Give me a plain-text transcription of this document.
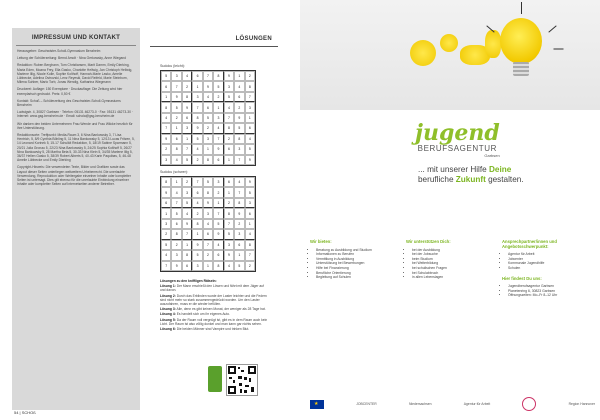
IMPRESSUM UND KONTAKT

Herausgeber: Geschwister-Scholl-Gymnasium Benzheim

Leitung der Schülerzeitung: Bernd Amolt · Nina Gerkowsky, Anne Wiegand

Redaktion: Ruben Berghann, Tom Christiansen, Marit Damm, Emily Dierking, Maria Eden, Moana Frey, Ella Gasko, Charlotte Hellwig, Jan Christoph Hellwig, Marlene Illig, Nicole Kolle, Sophie Kolthoff, Hannah-Marie Lasko, Amelie Lübbecke, Adelina Ostrovski, Lenz Reyeski, David Reifeld, Marie Steinborn, Milena Suhber, Marlo Torb, Jonas Wendig, Katharina Wiegmann

Druckerei: Auflage: 150 Exemplare · Druckauflage: Die Zeitung wird hier exemplarisch gedruckt. Preis: 0,50 €

Kontakt: Schoß – Schülerzeitung des Geschwister-Scholl-Gymnasiums Benzheim

Ludwigstr. 4, 30827 Garbsen · Telefon: 05131 46273-0 · Fax: 05131 46273-30 · Internet: www.gsg-benzheim.de · Email: schola@gsg-benzheim.de

Wir danken den beiden Unternehmen Frau Wende und Frau Wilcke herzlich für ihre Unterstützung.

Redaktionsorte: Treffpunkt: Media-Raum 3, 6 Nina Bankowsky 3, 7 Lisa Hentrich, 5, 8/9 Cynthia Böhling 5, 11 Nina Bankowsky 5, 12/13 Lucas Fritzen, 5, 14 Leonard Korinek 5, 15-17 Schulklt Redaktion, 5, 18/19 Sabine Sparmann 5, 20/21 Julia Gronau 5, 22/23 Nina Bankowsky 5, 24/25 Sophia Kolthoff 5, 26/27 Nina Bankowsky 5, 28 Martha Beta 5, 30-33 Nina Klein 5, 34/35 Marlene Illig 5, 36/37 Hellen Gasko 5, 38/39 Robert Alberts 5, 40-43 Karin Paquibas, 5, 46-48 Amelie Lübbecke und Emily Dierking

Copyright-Hinweis: Die verwendeten Texte, Bilder und Grafiken sowie das Layout dieser Seiten unterliegen weltweitem Urheberrecht. Die unerlaubte Verwendung, Reproduktion oder Weitergabe einzelner Inhalte oder kompletter Seiten ist untersagt. Dies gilt ebenso für die unerlaubte Einbindung einzelner Inhalte oder kompletter Seiten auf Internetseiten anderer Betreiber.

54 | SCHOß
LÖSUNGEN
Sudoku (leicht):
5	3	4	6	7	8	9	1	2
6	7	2	1	9	5	3	4	8
1	9	8	3	4	2	5	6	7
8	5	9	7	6	1	4	2	3
4	2	6	8	5	3	7	9	1
7	1	3	9	2	4	8	5	6
9	6	1	5	3	7	2	8	4
2	8	7	4	1	9	6	3	5
3	4	5	2	8	6	1	7	9
Sudoku (schwer):
8	1	2	7	5	3	6	4	9
9	4	3	6	8	2	1	7	5
6	7	5	4	9	1	2	8	3
1	5	4	2	3	7	8	9	6
3	6	9	8	4	5	7	2	1
2	8	7	1	6	9	5	3	4
5	2	1	9	7	4	3	6	8
4	3	8	5	2	6	9	1	7
7	9	6	3	1	8	4	5	2

Lösungen zu den kniffligen Rätseln:

Lösung 1: Der Mann erschießt den Löwen und fährt mit dem Jäger auf und davon.

Lösung 2: Durch das Erblinden wurde der Laster leichter und die Federn sind nicht mehr so stark zusammengedrückt worden. Um den Laster auszufahren, muss er die wieder befüllen.

Lösung 3: Alle, denn es gibt keinen Monat, der weniger als 28 Tage hat.

Lösung 4: Es handelt sich um ihr eigenes Auto.

Lösung 5: Da der Raum voll vergnügt ist, gibt es in dem Raum auch kein Licht. Der Raum ist also völlig dunkel und man kann gar nichts sehen.

Lösung 6: Die beiden Männer sind Vampire und trinken Blut.

jugend
BERUFSAGENTUR
Garbsen
... mit unserer Hilfe Deine
berufliche Zukunft gestalten.
Wir bieten:
• Beratung zu Ausbildung und Studium
• Informationen zu Berufen
• Vermittlung in Ausbildung
• Unterstützung bei Bewerbungen
• Hilfe bei Finanzierung
• Berufliche Orientierung
• Begleitung auf Schulen
Wir unterstützen Dich:
• bei der Ausbildung
• bei der Jobsuche
• beim Studium
• bei Weiterbildung
• bei schulischen Fragen
• bei Schulabbruch
• in allen Lebenslagen
Ansprechpartner/innen und Angebotsschwerpunkt:
• Agentur für Arbeit
• Jobcenter
• Kommunale Jugendhilfe
• Schulen
Hier findest Du uns:
• Jugendberufsagentur Garbsen
• Planetenring 6, 30823 Garbsen
• Öffnungszeiten: Mo–Fr 8–12 Uhr
★
JOBCENTER	Niedersachsen	Agentur für Arbeit	Region Hannover
